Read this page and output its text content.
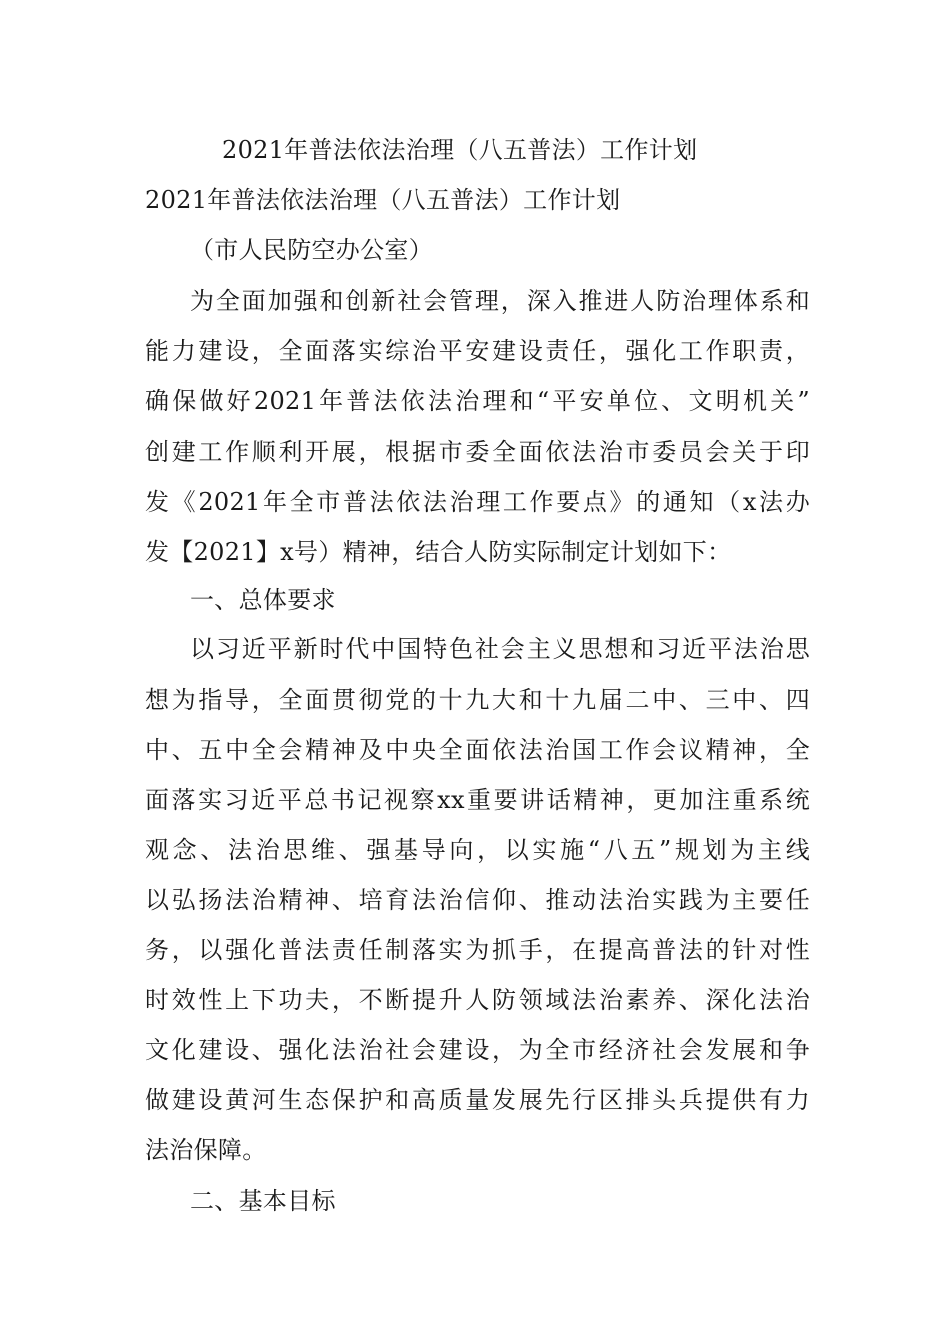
2021年普法依法治理（八五普法）工作计划
2021年普法依法治理（八五普法）工作计划
（市人民防空办公室）
为全面加强和创新社会管理，深入推进人防治理体系和
能力建设，全面落实综治平安建设责任，强化工作职责，
确保做好2021年普法依法治理和“平安单位、文明机关”
创建工作顺利开展，根据市委全面依法治市委员会关于印
发《2021年全市普法依法治理工作要点》的通知（x法办
发【2021】x号）精神，结合人防实际制定计划如下：
一、总体要求
以习近平新时代中国特色社会主义思想和习近平法治思
想为指导，全面贯彻党的十九大和十九届二中、三中、四
中、五中全会精神及中央全面依法治国工作会议精神，全
面落实习近平总书记视察xx重要讲话精神，更加注重系统
观念、法治思维、强基导向，以实施“八五”规划为主线
以弘扬法治精神、培育法治信仰、推动法治实践为主要任
务，以强化普法责任制落实为抓手，在提高普法的针对性
时效性上下功夫，不断提升人防领域法治素养、深化法治
文化建设、强化法治社会建设，为全市经济社会发展和争
做建设黄河生态保护和高质量发展先行区排头兵提供有力
法治保障。
二、基本目标
